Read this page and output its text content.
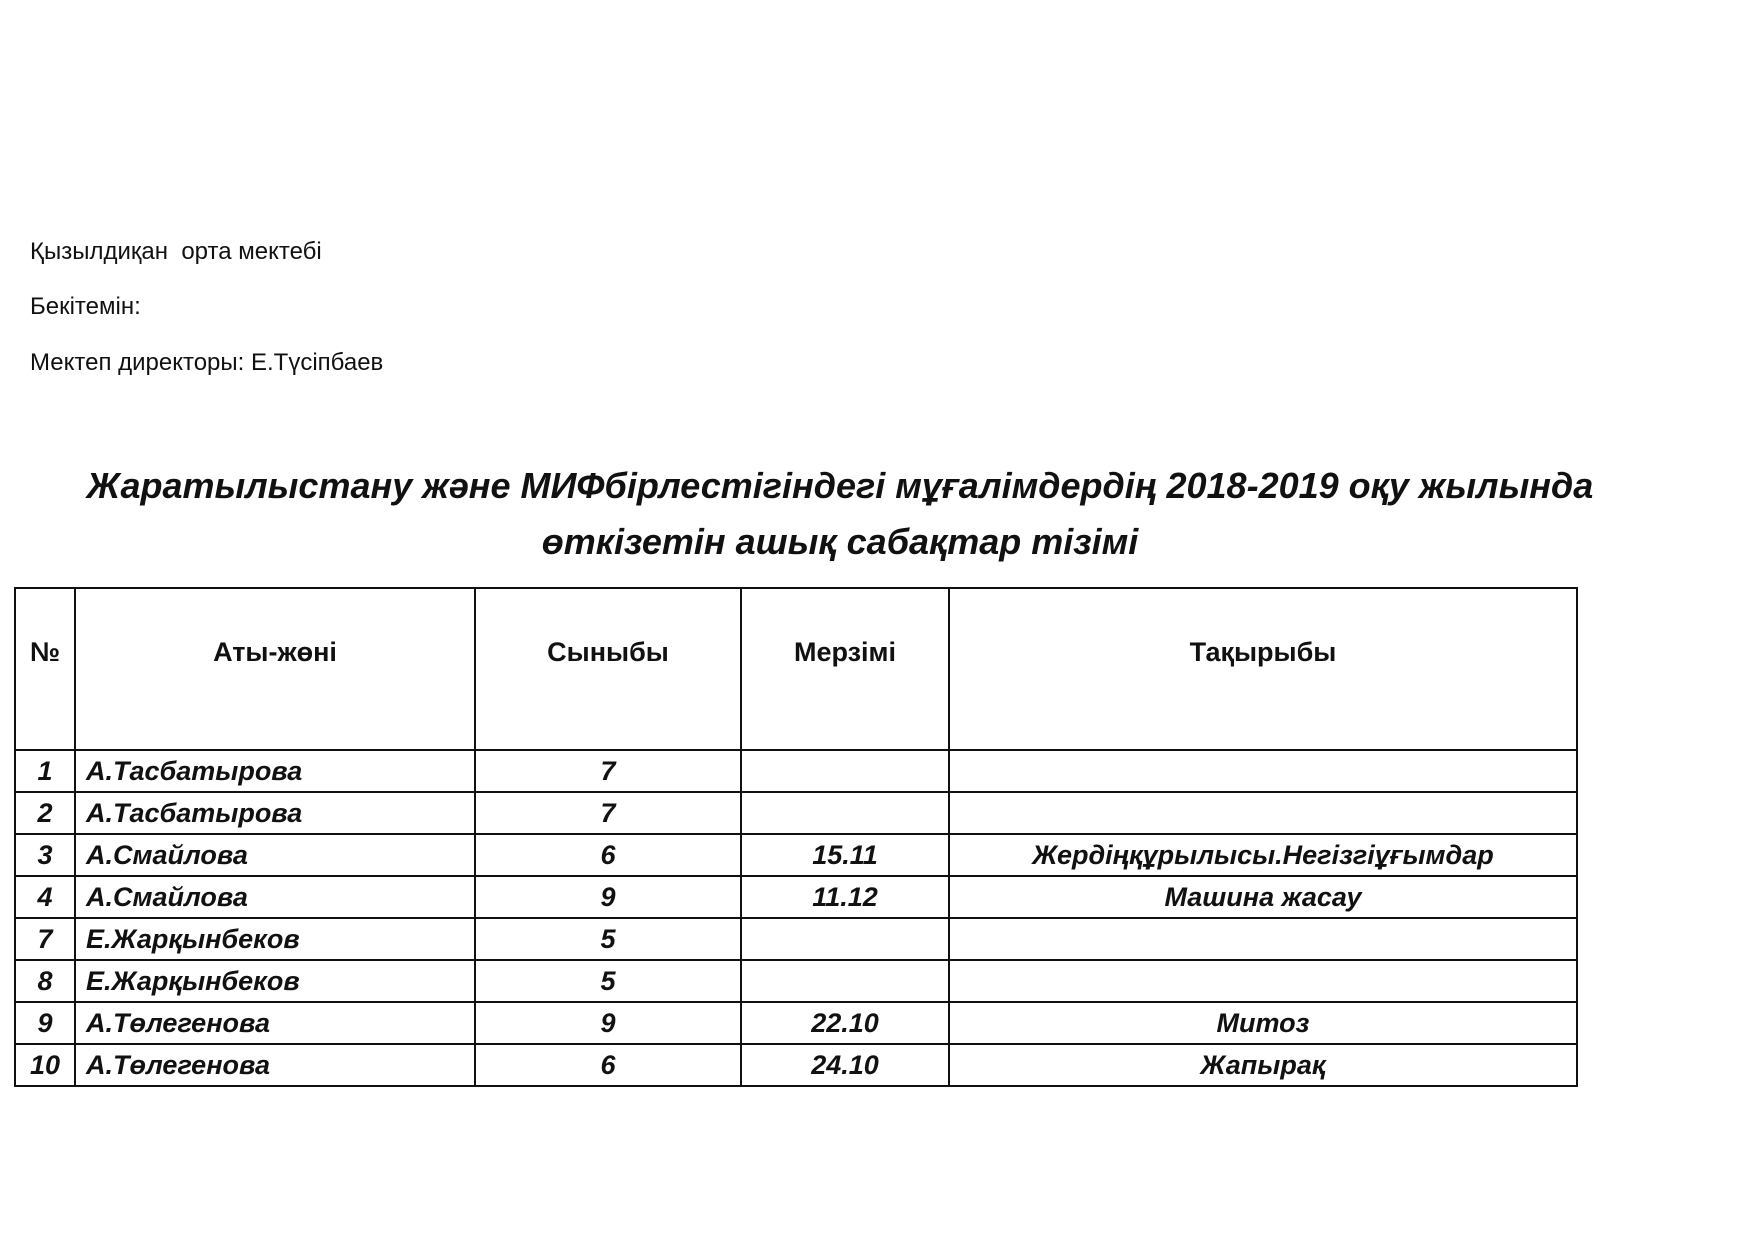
Қызылдиқан  орта мектебі
Бекітемін:
Мектеп директоры: Е.Түсіпбаев
Жаратылыстану және МИФбірлестігіндегі мұғалімдердің 2018-2019 оқу жылында
өткізетін ашық сабақтар тізімі
№	Аты-жөні	Сыныбы	Мерзімі	Тақырыбы
1	А.Тасбатырова	7		
2	А.Тасбатырова	7		
3	А.Смайлова	6	15.11	Жердіңқұрылысы.Негізгіұғымдар
4	А.Смайлова	9	11.12	Машина жасау
7	Е.Жарқынбеков	5		
8	Е.Жарқынбеков	5		
9	А.Төлегенова	9	22.10	Митоз
10	А.Төлегенова	6	24.10	Жапырақ
